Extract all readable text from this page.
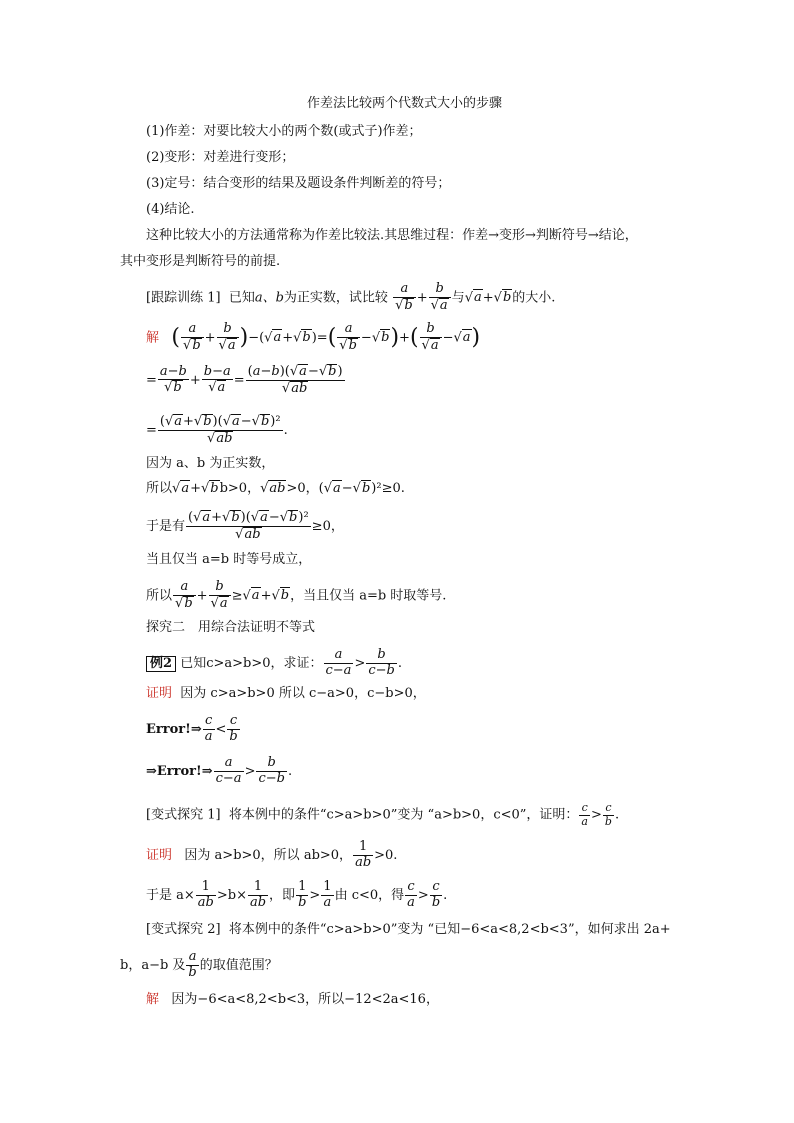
作差法比较两个代数式大小的步骤
(1)作差：对要比较大小的两个数(或式子)作差；
(2)变形：对差进行变形；
(3)定号：结合变形的结果及题设条件判断差的符号；
(4)结论.
这种比较大小的方法通常称为作差比较法.其思维过程：作差→变形→判断符号→结论，
其中变形是判断符号的前提.
[跟踪训练 1] 已知a、b为正实数，试比较 $\frac{a}{√b} + \frac{b}{√a}$ 与√a+√b的大小.
解 ( $\frac{a}{√b} + \frac{b}{√a} )-(√a+√b)=( \frac{a}{√b} -√b)+( \frac{b}{√a} -√a)$
= $\frac{a-b}{√b} + \frac{b-a}{√a} = \frac{(a-b)(√a-√b)}{√ab}$
= $\frac{\text{(√a+√b)(√a−√b)²}}{√ab}$ .
因为 a、b 为正实数，
所以√a+√bb>0，√ab>0，(√a−√b)²≥0.
于是有 $\frac{\text{(√a+√b)(√a−√b)²}}{√ab} \ge 0$，
当且仅当 a=b 时等号成立，
所以 $\frac{a}{√b} + \frac{b}{√a} \ge√a+√b$，当且仅当 a=b 时取等号.
探究二　用综合法证明不等式
例2 已知c>a>b>0，求证： $\frac{a}{c-a} > \frac{b}{c-b}$ .
证明 因为 c>a>b>0 所以 c−a>0，c−b>0，
Error!⇒ $\frac{c}{a} < \frac{c}{b}$
⇒Error!⇒ $\frac{a}{c-a} > \frac{b}{c-b}$ .
[变式探究 1] 将本例中的条件“c>a>b>0”变为 “a>b>0，c<0”，证明： $\frac{c}{a} > \frac{c}{b}$ .
证明 因为 a>b>0，所以 ab>0， $\frac{1}{ab} >0$.
于是 $a\times \frac{1}{ab} >b\times \frac{1}{ab}$ ，即 $\frac{1}{b} > \frac{1}{a}$ 由 c<0，得 $\frac{c}{a} > \frac{c}{b}$ .
[变式探究 2] 将本例中的条件“c>a>b>0”变为 “已知−6<a<8,2<b<3”，如何求出 2a+
b，a−b 及 $\frac{a}{b}$ 的取值范围？
解 因为−6<a<8,2<b<3，所以−12<2a<16，
